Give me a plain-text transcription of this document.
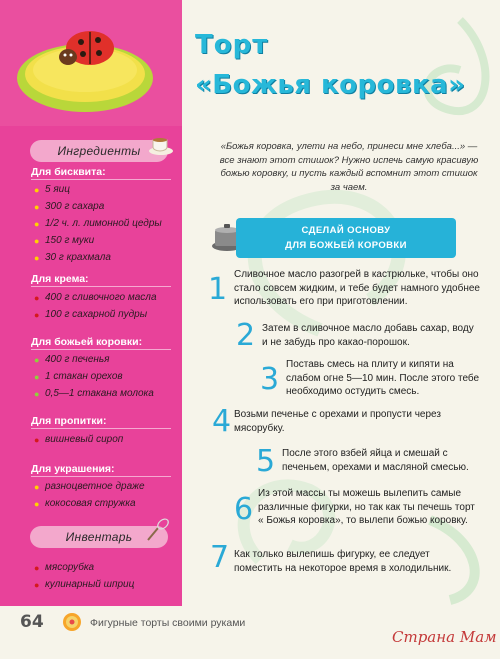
Ингредиенты
Для бисквита:
● 5 яиц
● 300 г сахара
● 1/2 ч. л. лимонной цедры
● 150 г муки
● 30 г крахмала
Для крема:
● 400 г сливочного масла
● 100 г сахарной пудры
Для божьей коровки:
● 400 г печенья
● 1 стакан орехов
● 0,5—1 стакана молока
Для пропитки:
● вишневый сироп
Для украшения:
● разноцветное драже
● кокосовая стружка
Инвентарь
● мясорубка
● кулинарный шприц
Торт
«Божья коровка»
«Божья коровка, улети на небо, принеси мне хлеба...» — все знают этот стишок? Нужно испечь самую красивую божью коровку, и пусть каждый вспомнит этот стишок за чаем.
СДЕЛАЙ ОСНОВУ
ДЛЯ БОЖЬЕЙ КОРОВКИ
1 Сливочное масло разогрей в кастрюльке, чтобы оно стало совсем жидким, и тебе будет намного удобнее использовать его при приготовлении.
2 Затем в сливочное масло добавь сахар, воду и не забудь про какао-порошок.
3 Поставь смесь на плиту и кипяти на слабом огне 5—10 мин. После этого тебе необходимо остудить смесь.
4 Возьми печенье с орехами и пропусти через мясорубку.
5 После этого взбей яйца и смешай с печеньем, орехами и масляной смесью.
6 Из этой массы ты можешь вылепить самые различные фигурки, но так как ты печешь торт « Божья коровка», то вылепи божью коровку.
7 Как только вылепишь фигурку, ее следует поместить на некоторое время в холодильник.
64	Фигурные торты своими руками
Страна Мам
